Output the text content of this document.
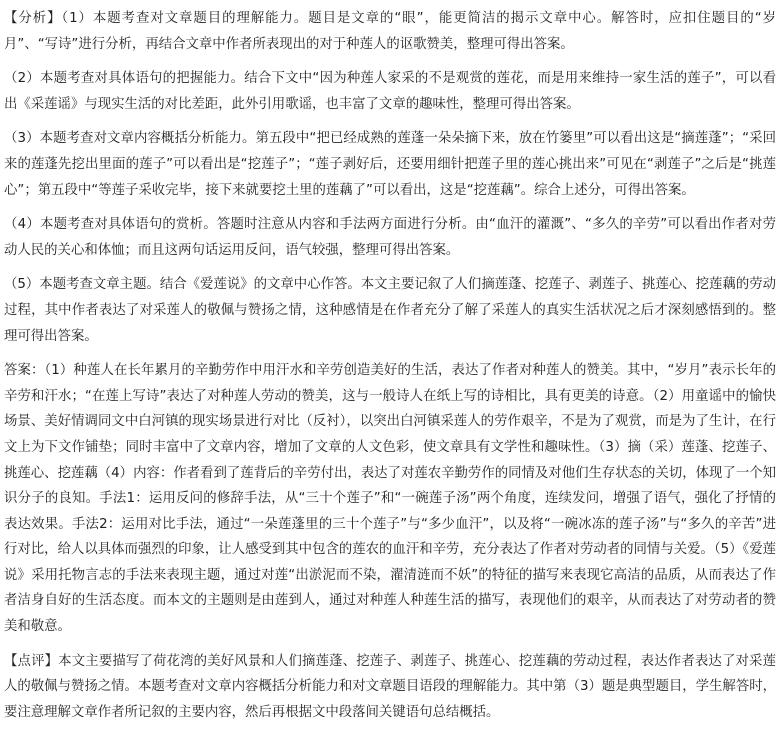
【分析】（1）本题考查对文章题目的理解能力。题目是文章的“眼”，能更简洁的揭示文章中心。解答时，应扣住题目的“岁月”、“写诗”进行分析，再结合文章中作者所表现出的对于种莲人的讴歌赞美，整理可得出答案。

（2）本题考查对具体语句的把握能力。结合下文中“因为种莲人家采的不是观赏的莲花，而是用来维持一家生活的莲子”，可以看出《采莲谣》与现实生活的对比差距，此外引用歌谣，也丰富了文章的趣味性，整理可得出答案。

（3）本题考查对文章内容概括分析能力。第五段中“把已经成熟的莲蓬一朵朵摘下来，放在竹篓里”可以看出这是“摘莲蓬”；“采回来的莲蓬先挖出里面的莲子”可以看出是“挖莲子”；“莲子剥好后，还要用细针把莲子里的莲心挑出来”可见在“剥莲子”之后是“挑莲心”；第五段中“等莲子采收完毕，接下来就要挖土里的莲藕了”可以看出，这是“挖莲藕”。综合上述分，可得出答案。

（4）本题考查对具体语句的赏析。答题时注意从内容和手法两方面进行分析。由“血汗的灌溉”、“多久的辛劳”可以看出作者对劳动人民的关心和体恤；而且这两句话运用反问，语气较强，整理可得出答案。

（5）本题考查文章主题。结合《爱莲说》的文章中心作答。本文主要记叙了人们摘莲蓬、挖莲子、剥莲子、挑莲心、挖莲藕的劳动过程，其中作者表达了对采莲人的敬佩与赞扬之情，这种感情是在作者充分了解了采莲人的真实生活状况之后才深刻感悟到的。整理可得出答案。

答案：（1）种莲人在长年累月的辛勤劳作中用汗水和辛劳创造美好的生活，表达了作者对种莲人的赞美。其中，“岁月”表示长年的辛劳和汗水；“在莲上写诗”表达了对种莲人劳动的赞美，这与一般诗人在纸上写的诗相比，具有更美的诗意。（2）用童谣中的愉快场景、美好情调同文中白河镇的现实场景进行对比（反衬），以突出白河镇采莲人的劳作艰辛，不是为了观赏，而是为了生计，在行文上为下文作铺垫；同时丰富中了文章内容，增加了文章的人文色彩，使文章具有文学性和趣味性。（3）摘（采）莲蓬、挖莲子、挑莲心、挖莲藕（4）内容：作者看到了莲背后的辛劳付出，表达了对莲农辛勤劳作的同情及对他们生存状态的关切，体现了一个知识分子的良知。手法1：运用反问的修辞手法，从“三十个莲子”和“一碗莲子汤”两个角度，连续发问，增强了语气，强化了抒情的表达效果。手法2：运用对比手法，通过“一朵莲蓬里的三十个莲子”与“多少血汗”，以及将“一碗冰冻的莲子汤”与“多久的辛苦”进行对比，给人以具体而强烈的印象，让人感受到其中包含的莲农的血汗和辛劳，充分表达了作者对劳动者的同情与关爱。（5）《爱莲说》采用托物言志的手法来表现主题，通过对莲“出淤泥而不染，濯清涟而不妖”的特征的描写来表现它高洁的品质，从而表达了作者洁身自好的生活态度。而本文的主题则是由莲到人，通过对种莲人种莲生活的描写，表现他们的艰辛，从而表达了对劳动者的赞美和敬意。

【点评】本文主要描写了荷花湾的美好风景和人们摘莲蓬、挖莲子、剥莲子、挑莲心、挖莲藕的劳动过程，表达作者表达了对采莲人的敬佩与赞扬之情。本题考查对文章内容概括分析能力和对文章题目语段的理解能力。其中第（3）题是典型题目，学生解答时，要注意理解文章作者所记叙的主要内容，然后再根据文中段落间关键语句总结概括。
